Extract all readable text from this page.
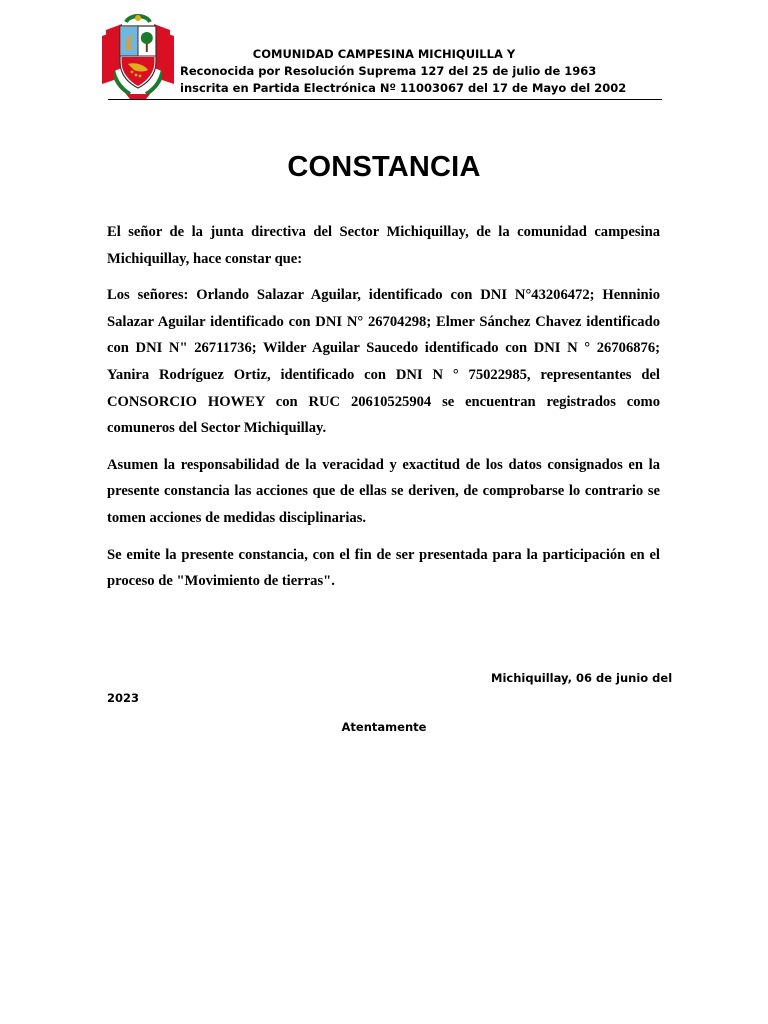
COMUNIDAD CAMPESINA MICHIQUILLA Y
Reconocida por Resolución Suprema 127 del 25 de julio de 1963
inscrita en Partida Electrónica Nº 11003067 del 17 de Mayo del 2002
CONSTANCIA

El señor de la junta directiva del Sector Michiquillay, de la comunidad campesina Michiquillay, hace constar que:

Los señores: Orlando Salazar Aguilar, identificado con DNI N°43206472; Henninio Salazar Aguilar identificado con DNI N° 26704298; Elmer Sánchez Chavez identificado con DNI N" 26711736; Wilder Aguilar Saucedo identificado con DNI N ° 26706876; Yanira Rodríguez Ortiz, identificado con DNI N ° 75022985, representantes del CONSORCIO HOWEY con RUC 20610525904 se encuentran registrados como comuneros del Sector Michiquillay.

Asumen la responsabilidad de la veracidad y exactitud de los datos consignados en la presente constancia las acciones que de ellas se deriven, de comprobarse lo contrario se tomen acciones de medidas disciplinarias.

Se emite la presente constancia, con el fin de ser presentada para la participación en el proceso de "Movimiento de tierras".

Michiquillay, 06 de junio del
2023
Atentamente
